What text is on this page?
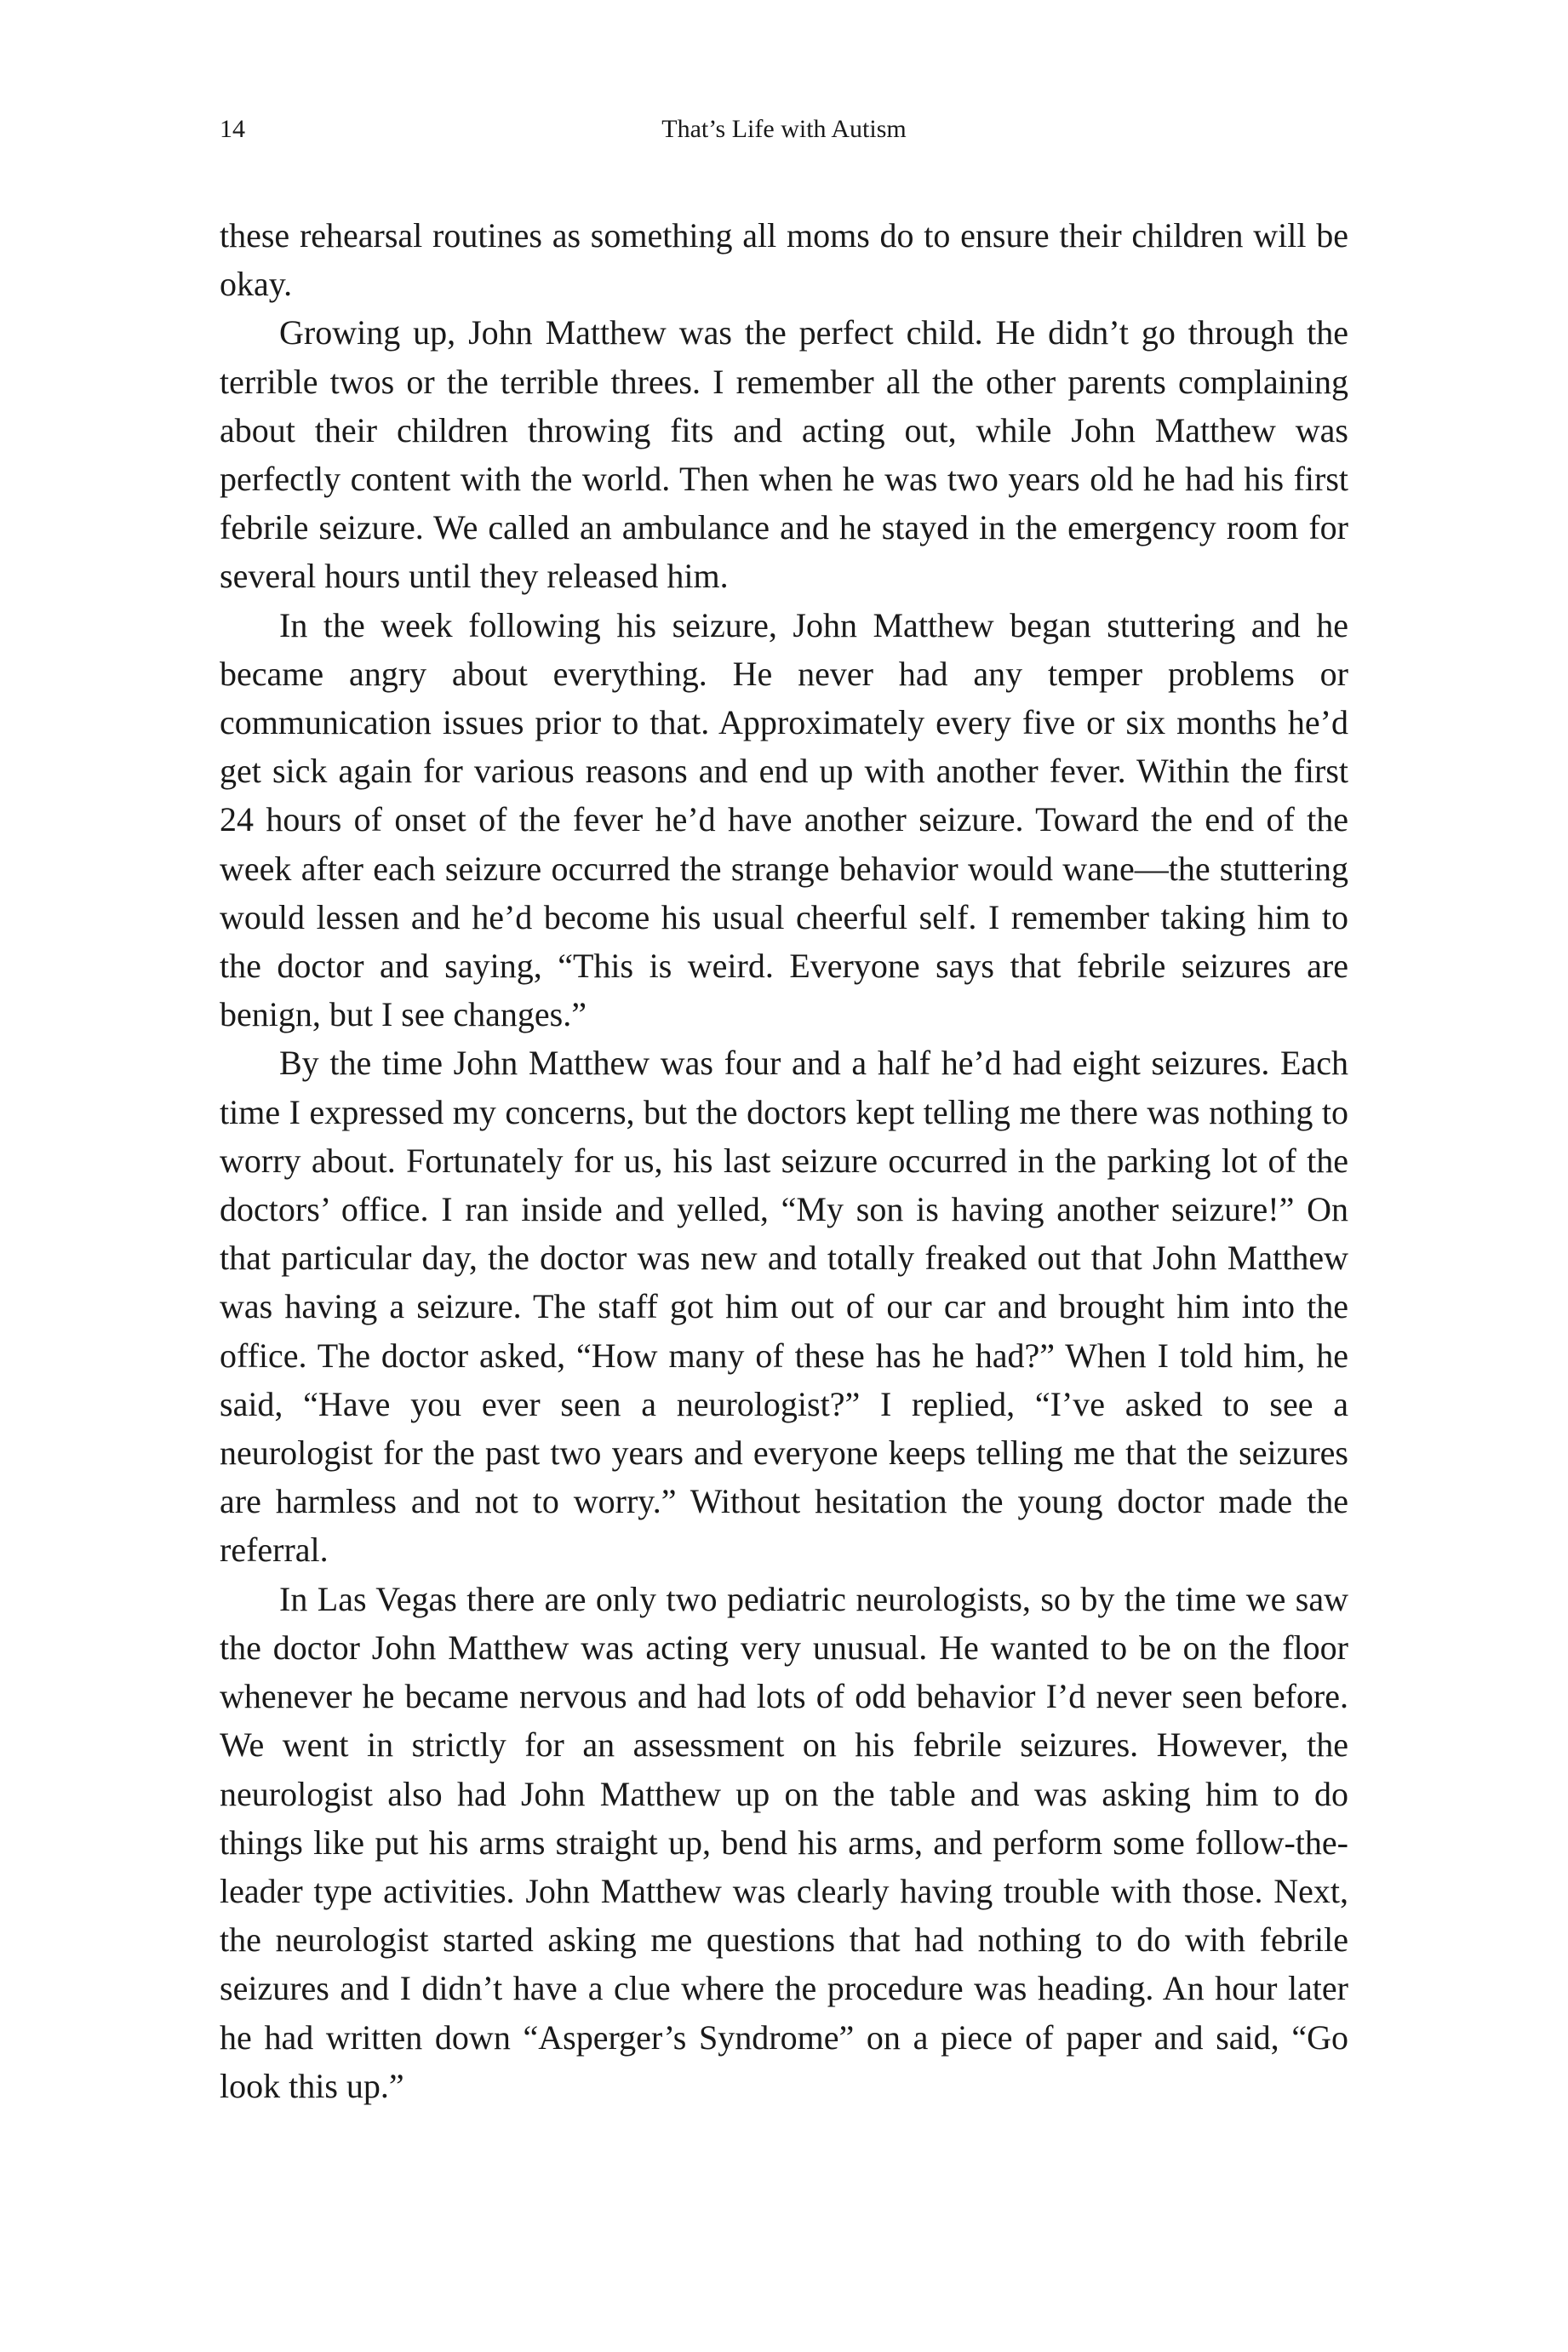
14	That’s Life with Autism

these rehearsal routines as something all moms do to ensure their children will be okay.

Growing up, John Matthew was the perfect child. He didn’t go through the terrible twos or the terrible threes. I remember all the other parents complaining about their children throwing fits and acting out, while John Matthew was perfectly content with the world. Then when he was two years old he had his first febrile seizure. We called an ambulance and he stayed in the emergency room for several hours until they released him.

In the week following his seizure, John Matthew began stuttering and he became angry about everything. He never had any temper problems or communication issues prior to that. Approximately every five or six months he’d get sick again for various reasons and end up with another fever. Within the first 24 hours of onset of the fever he’d have another seizure. Toward the end of the week after each seizure occurred the strange behavior would wane—the stuttering would lessen and he’d become his usual cheerful self. I remember taking him to the doctor and saying, “This is weird. Everyone says that febrile seizures are benign, but I see changes.”

By the time John Matthew was four and a half he’d had eight seizures. Each time I expressed my concerns, but the doctors kept telling me there was nothing to worry about. Fortunately for us, his last seizure occurred in the parking lot of the doctors’ office. I ran inside and yelled, “My son is having another seizure!” On that particular day, the doctor was new and totally freaked out that John Matthew was having a seizure. The staff got him out of our car and brought him into the office. The doctor asked, “How many of these has he had?” When I told him, he said, “Have you ever seen a neurologist?” I replied, “I’ve asked to see a neurologist for the past two years and everyone keeps telling me that the seizures are harmless and not to worry.” Without hesitation the young doctor made the referral.

In Las Vegas there are only two pediatric neurologists, so by the time we saw the doctor John Matthew was acting very unusual. He wanted to be on the floor whenever he became nervous and had lots of odd behavior I’d never seen before. We went in strictly for an assessment on his febrile seizures. However, the neurologist also had John Matthew up on the table and was asking him to do things like put his arms straight up, bend his arms, and perform some follow-the-leader type activities. John Matthew was clearly having trouble with those. Next, the neurologist started asking me questions that had nothing to do with febrile seizures and I didn’t have a clue where the procedure was heading. An hour later he had written down “Asperger’s Syndrome” on a piece of paper and said, “Go look this up.”
